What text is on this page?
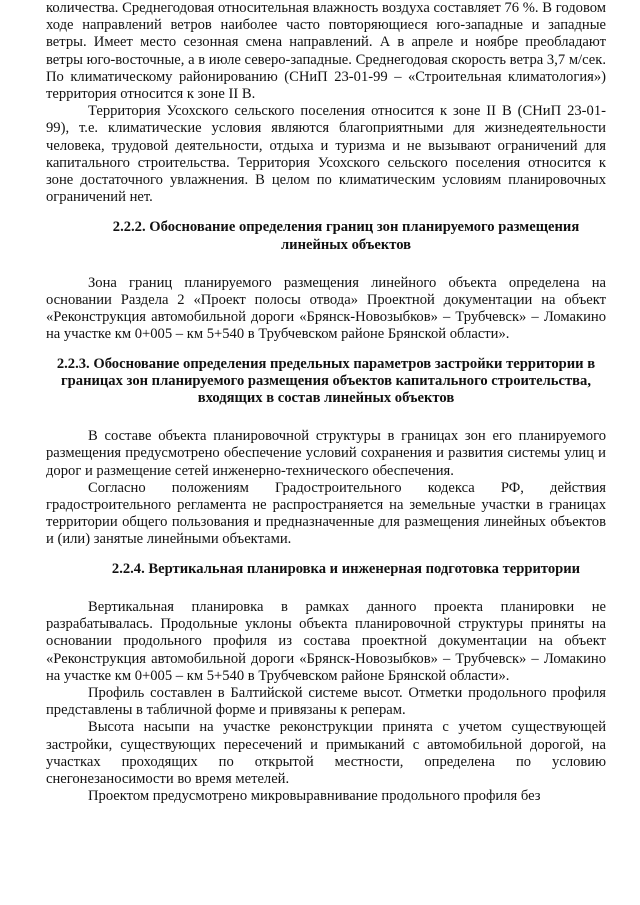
количества. Среднегодовая относительная влажность воздуха составляет 76 %. В годовом ходе направлений ветров наиболее часто повторяющиеся юго-западные и западные ветры. Имеет место сезонная смена направлений. А в апреле и ноябре преобладают ветры юго-восточные, а в июле северо-западные. Среднегодовая скорость ветра 3,7 м/сек. По климатическому районированию (СНиП 23-01-99 – «Строительная климатология») территория относится к зоне II В.

Территория Усохского сельского поселения относится к зоне II В (СНиП 23-01-99), т.е. климатические условия являются благоприятными для жизнедеятельности человека, трудовой деятельности, отдыха и туризма и не вызывают ограничений для капитального строительства. Территория Усохского сельского поселения относится к зоне достаточного увлажнения. В целом по климатическим условиям планировочных ограничений нет.

2.2.2. Обоснование определения границ зон планируемого размещения линейных объектов

Зона границ планируемого размещения линейного объекта определена на основании Раздела 2 «Проект полосы отвода» Проектной документации на объект «Реконструкция автомобильной дороги «Брянск-Новозыбков» – Трубчевск» – Ломакино на участке км 0+005 – км 5+540 в Трубчевском районе Брянской области».

2.2.3. Обоснование определения предельных параметров застройки территории в границах зон планируемого размещения объектов капитального строительства, входящих в состав линейных объектов

В составе объекта планировочной структуры в границах зон его планируемого размещения предусмотрено обеспечение условий сохранения и развития системы улиц и дорог и размещение сетей инженерно-технического обеспечения.

Согласно положениям Градостроительного кодекса РФ, действия градостроительного регламента не распространяется на земельные участки в границах территории общего пользования и предназначенные для размещения линейных объектов и (или) занятые линейными объектами.

2.2.4. Вертикальная планировка и инженерная подготовка территории

Вертикальная планировка в рамках данного проекта планировки не разрабатывалась. Продольные уклоны объекта планировочной структуры приняты на основании продольного профиля из состава проектной документации на объект «Реконструкция автомобильной дороги «Брянск-Новозыбков» – Трубчевск» – Ломакино на участке км 0+005 – км 5+540 в Трубчевском районе Брянской области».

Профиль составлен в Балтийской системе высот. Отметки продольного профиля представлены в табличной форме и привязаны к реперам.

Высота насыпи на участке реконструкции принята с учетом существующей застройки, существующих пересечений и примыканий с автомобильной дорогой, на участках проходящих по открытой местности, определена по условию снегонезаносимости во время метелей.

Проектом предусмотрено микровыравнивание продольного профиля без
